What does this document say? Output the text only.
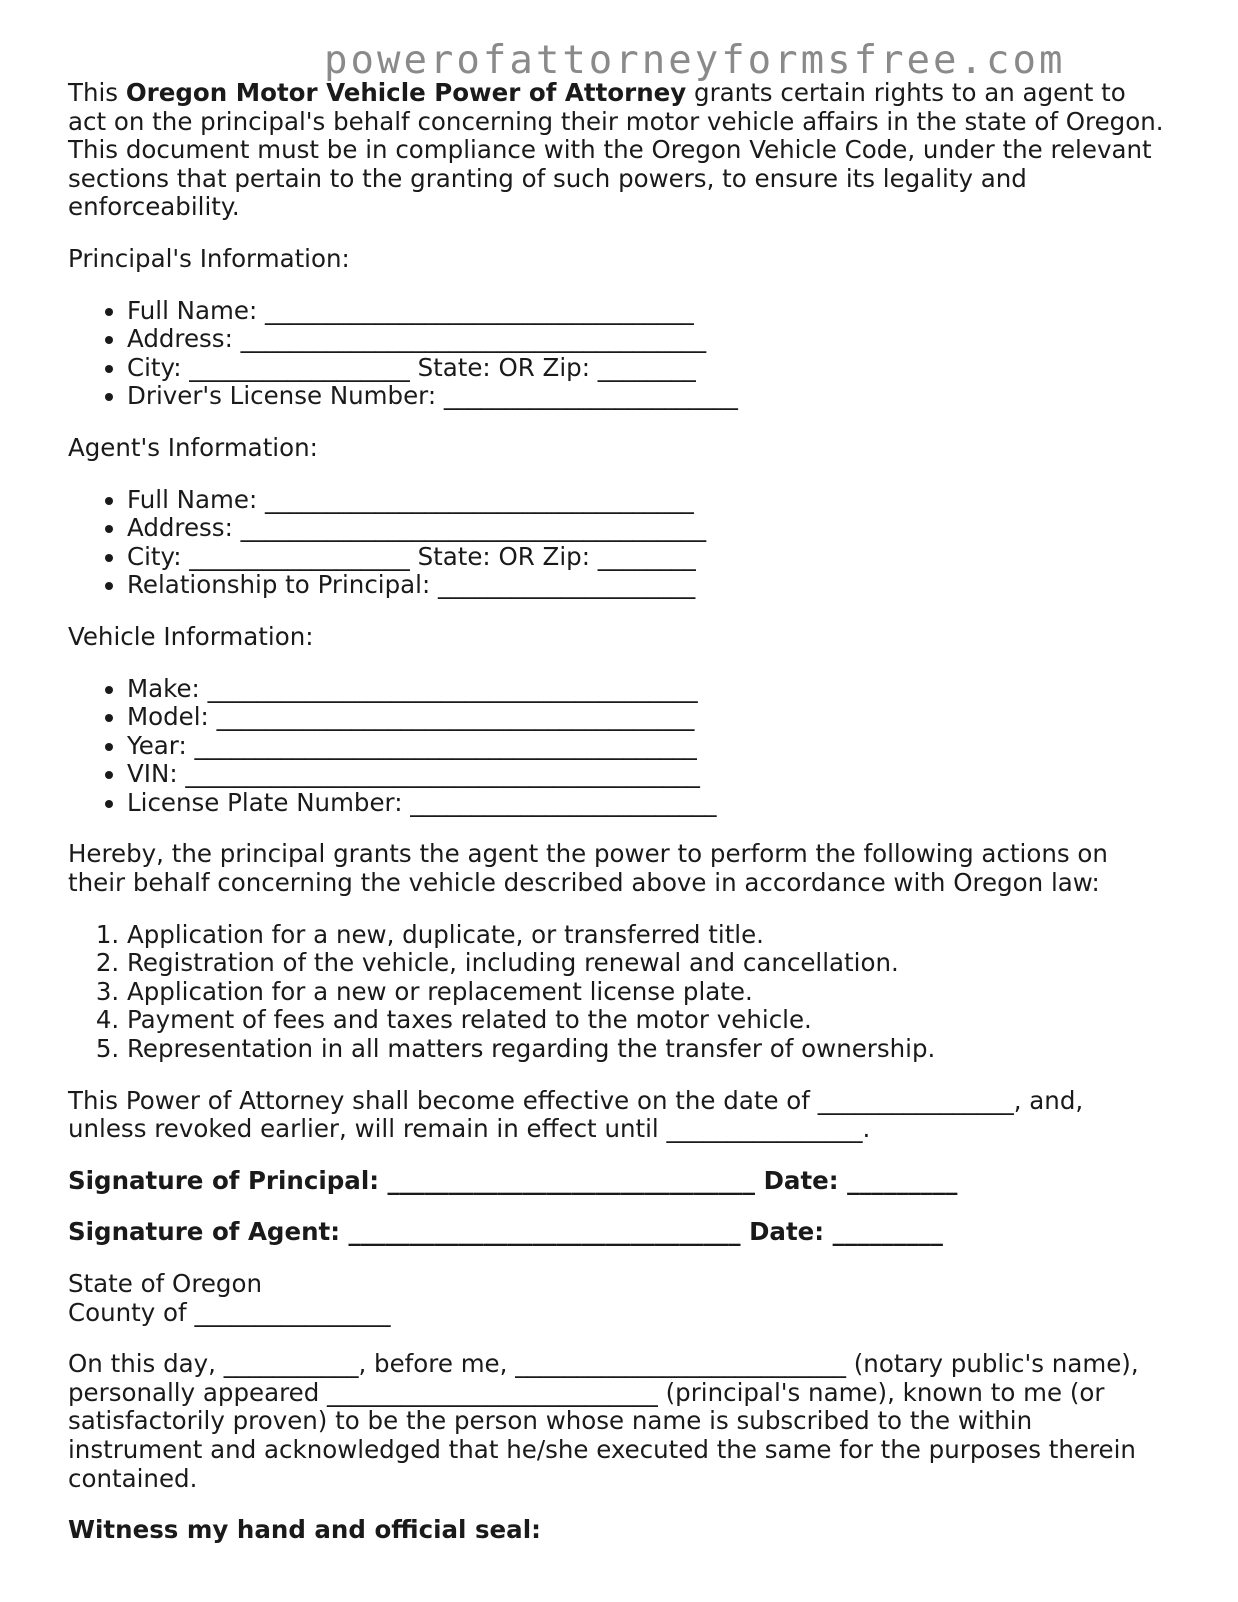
powerofattorneyformsfree.com

This Oregon Motor Vehicle Power of Attorney grants certain rights to an agent to act on the principal's behalf concerning their motor vehicle affairs in the state of Oregon. This document must be in compliance with the Oregon Vehicle Code, under the relevant sections that pertain to the granting of such powers, to ensure its legality and enforceability.

Principal's Information:

• Full Name: ___________________________________
• Address: ______________________________________
• City: __________________ State: OR Zip: ________
• Driver's License Number: ________________________

Agent's Information:

• Full Name: ___________________________________
• Address: ______________________________________
• City: __________________ State: OR Zip: ________
• Relationship to Principal: _____________________

Vehicle Information:

• Make: ________________________________________
• Model: _______________________________________
• Year: _________________________________________
• VIN: __________________________________________
• License Plate Number: _________________________

Hereby, the principal grants the agent the power to perform the following actions on their behalf concerning the vehicle described above in accordance with Oregon law:

1. Application for a new, duplicate, or transferred title.
2. Registration of the vehicle, including renewal and cancellation.
3. Application for a new or replacement license plate.
4. Payment of fees and taxes related to the motor vehicle.
5. Representation in all matters regarding the transfer of ownership.

This Power of Attorney shall become effective on the date of ________________, and, unless revoked earlier, will remain in effect until ________________.

Signature of Principal: ______________________________ Date: _________

Signature of Agent: ________________________________ Date: _________

State of Oregon
County of ________________

On this day, ___________, before me, ___________________________ (notary public's name), personally appeared ___________________________ (principal's name), known to me (or satisfactorily proven) to be the person whose name is subscribed to the within instrument and acknowledged that he/she executed the same for the purposes therein contained.

Witness my hand and official seal:
